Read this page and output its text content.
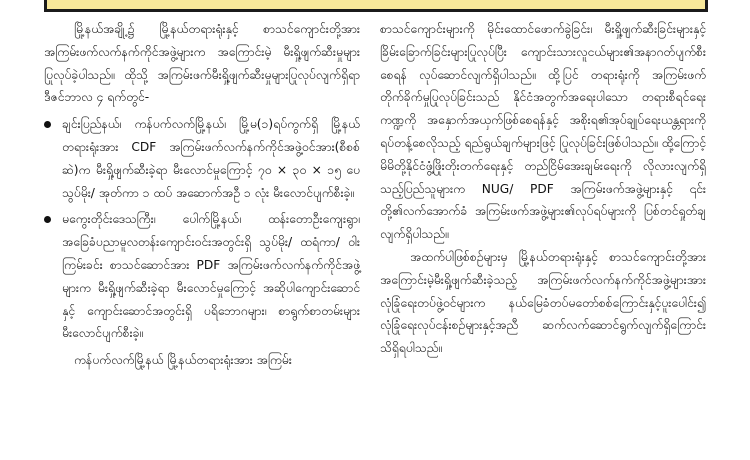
မြို့နယ်အချို့၌ မြို့နယ်တရားရုံးနှင့် စာသင်ကျောင်းတို့အား အကြမ်းဖက်လက်နက်ကိုင်အဖွဲ့များက အကြောင်းမဲ့ မီးရှို့ဖျက်ဆီးမှုများပြုလုပ်ခဲ့ပါသည်။ ထိုသို့ အကြမ်းဖက်မီးရှို့ဖျက်ဆီးမှုများပြုလုပ်လျက်ရှိရာ ဒီဇင်ဘာလ ၄ ရက်တွင်-

ချင်းပြည်နယ်၊ ကန်ပက်လက်မြို့နယ်၊ မြို့မ(၁)ရပ်ကွက်ရှိ မြို့နယ်တရားရုံးအား CDF အကြမ်းဖက်လက်နက်ကိုင်အဖွဲ့ဝင်အား(စီစစ်ဆဲ)က မီးရှို့ဖျက်ဆီးခဲ့ရာ မီးလောင်မှုကြောင့် ၇၀ × ၃၀ × ၁၅ ပေ သွပ်မိုး/ အုတ်ကာ ၁ ထပ် အဆောက်အဦ ၁ လုံး မီးလောင်ပျက်စီးခဲ့။
မကွေးတိုင်းဒေသကြီး၊ ပေါက်မြို့နယ်၊ ထန်းတောဦးကျေးရွာ၊ အခြေခံပညာမူလတန်းကျောင်းဝင်းအတွင်းရှိ သွပ်မိုး/ ထရံကာ/ ဝါးကြမ်းခင်း စာသင်ဆောင်အား PDF အကြမ်းဖက်လက်နက်ကိုင်အဖွဲ့များက မီးရှို့ဖျက်ဆီးခဲ့ရာ မီးလောင်မှုကြောင့် အဆိုပါကျောင်းဆောင်နှင့် ကျောင်းဆောင်အတွင်းရှိ ပရိဘောဂများ၊ စာရွက်စာတမ်းများ မီးလောင်ပျက်စီးခဲ့။

ကန်ပက်လက်မြို့နယ် မြို့နယ်တရားရုံးအား အကြမ်း

စာသင်ကျောင်းများကို မိုင်းထောင်ဖောက်ခွဲခြင်း၊ မီးရှို့ဖျက်ဆီးခြင်းများနှင့် ခြိမ်းခြောက်ခြင်းများပြုလုပ်ပြီး ကျောင်းသားလူငယ်များ၏အနာဂတ်ပျက်စီးစေရန် လုပ်ဆောင်လျက်ရှိပါသည်။ ထို့ပြင် တရားရုံးကို အကြမ်းဖက်တိုက်ခိုက်မှုပြုလုပ်ခြင်းသည် နိုင်ငံအတွက်အရေးပါသော တရားစီရင်ရေးကဏ္ဍကို အနှောက်အယှက်ဖြစ်စေရန်နှင့် အစိုးရ၏အုပ်ချုပ်ရေးယန္တရားကို ရပ်တန့်စေလိုသည့် ရည်ရွယ်ချက်များဖြင့် ပြုလုပ်ခြင်းဖြစ်ပါသည်။ ထို့ကြောင့် မိမိတို့နိုင်ငံဖွံ့ဖြိုးတိုးတက်ရေးနှင့် တည်ငြိမ်အေးချမ်းရေးကို လိုလားလျက်ရှိသည့်ပြည်သူများက NUG/ PDF အကြမ်းဖက်အဖွဲ့များနှင့် ၎င်းတို့၏လက်အောက်ခံ အကြမ်းဖက်အဖွဲ့များ၏လုပ်ရပ်များကို ပြစ်တင်ရှုတ်ချလျက်ရှိပါသည်။

အထက်ပါဖြစ်စဉ်များမှ မြို့နယ်တရားရုံးနှင့် စာသင်ကျောင်းတို့အား အကြောင်းမဲ့မီးရှို့ဖျက်ဆီးခဲ့သည့် အကြမ်းဖက်လက်နက်ကိုင်အဖွဲ့များအား လုံခြုံရေးတပ်ဖွဲ့ဝင်များက နယ်မြေခံတပ်မတော်စစ်ကြောင်းနှင့်ပူးပေါင်း၍ လုံခြုံရေးလုပ်ငန်းစဉ်များနှင့်အညီ ဆက်လက်ဆောင်ရွက်လျက်ရှိကြောင်း သိရှိရပါသည်။
